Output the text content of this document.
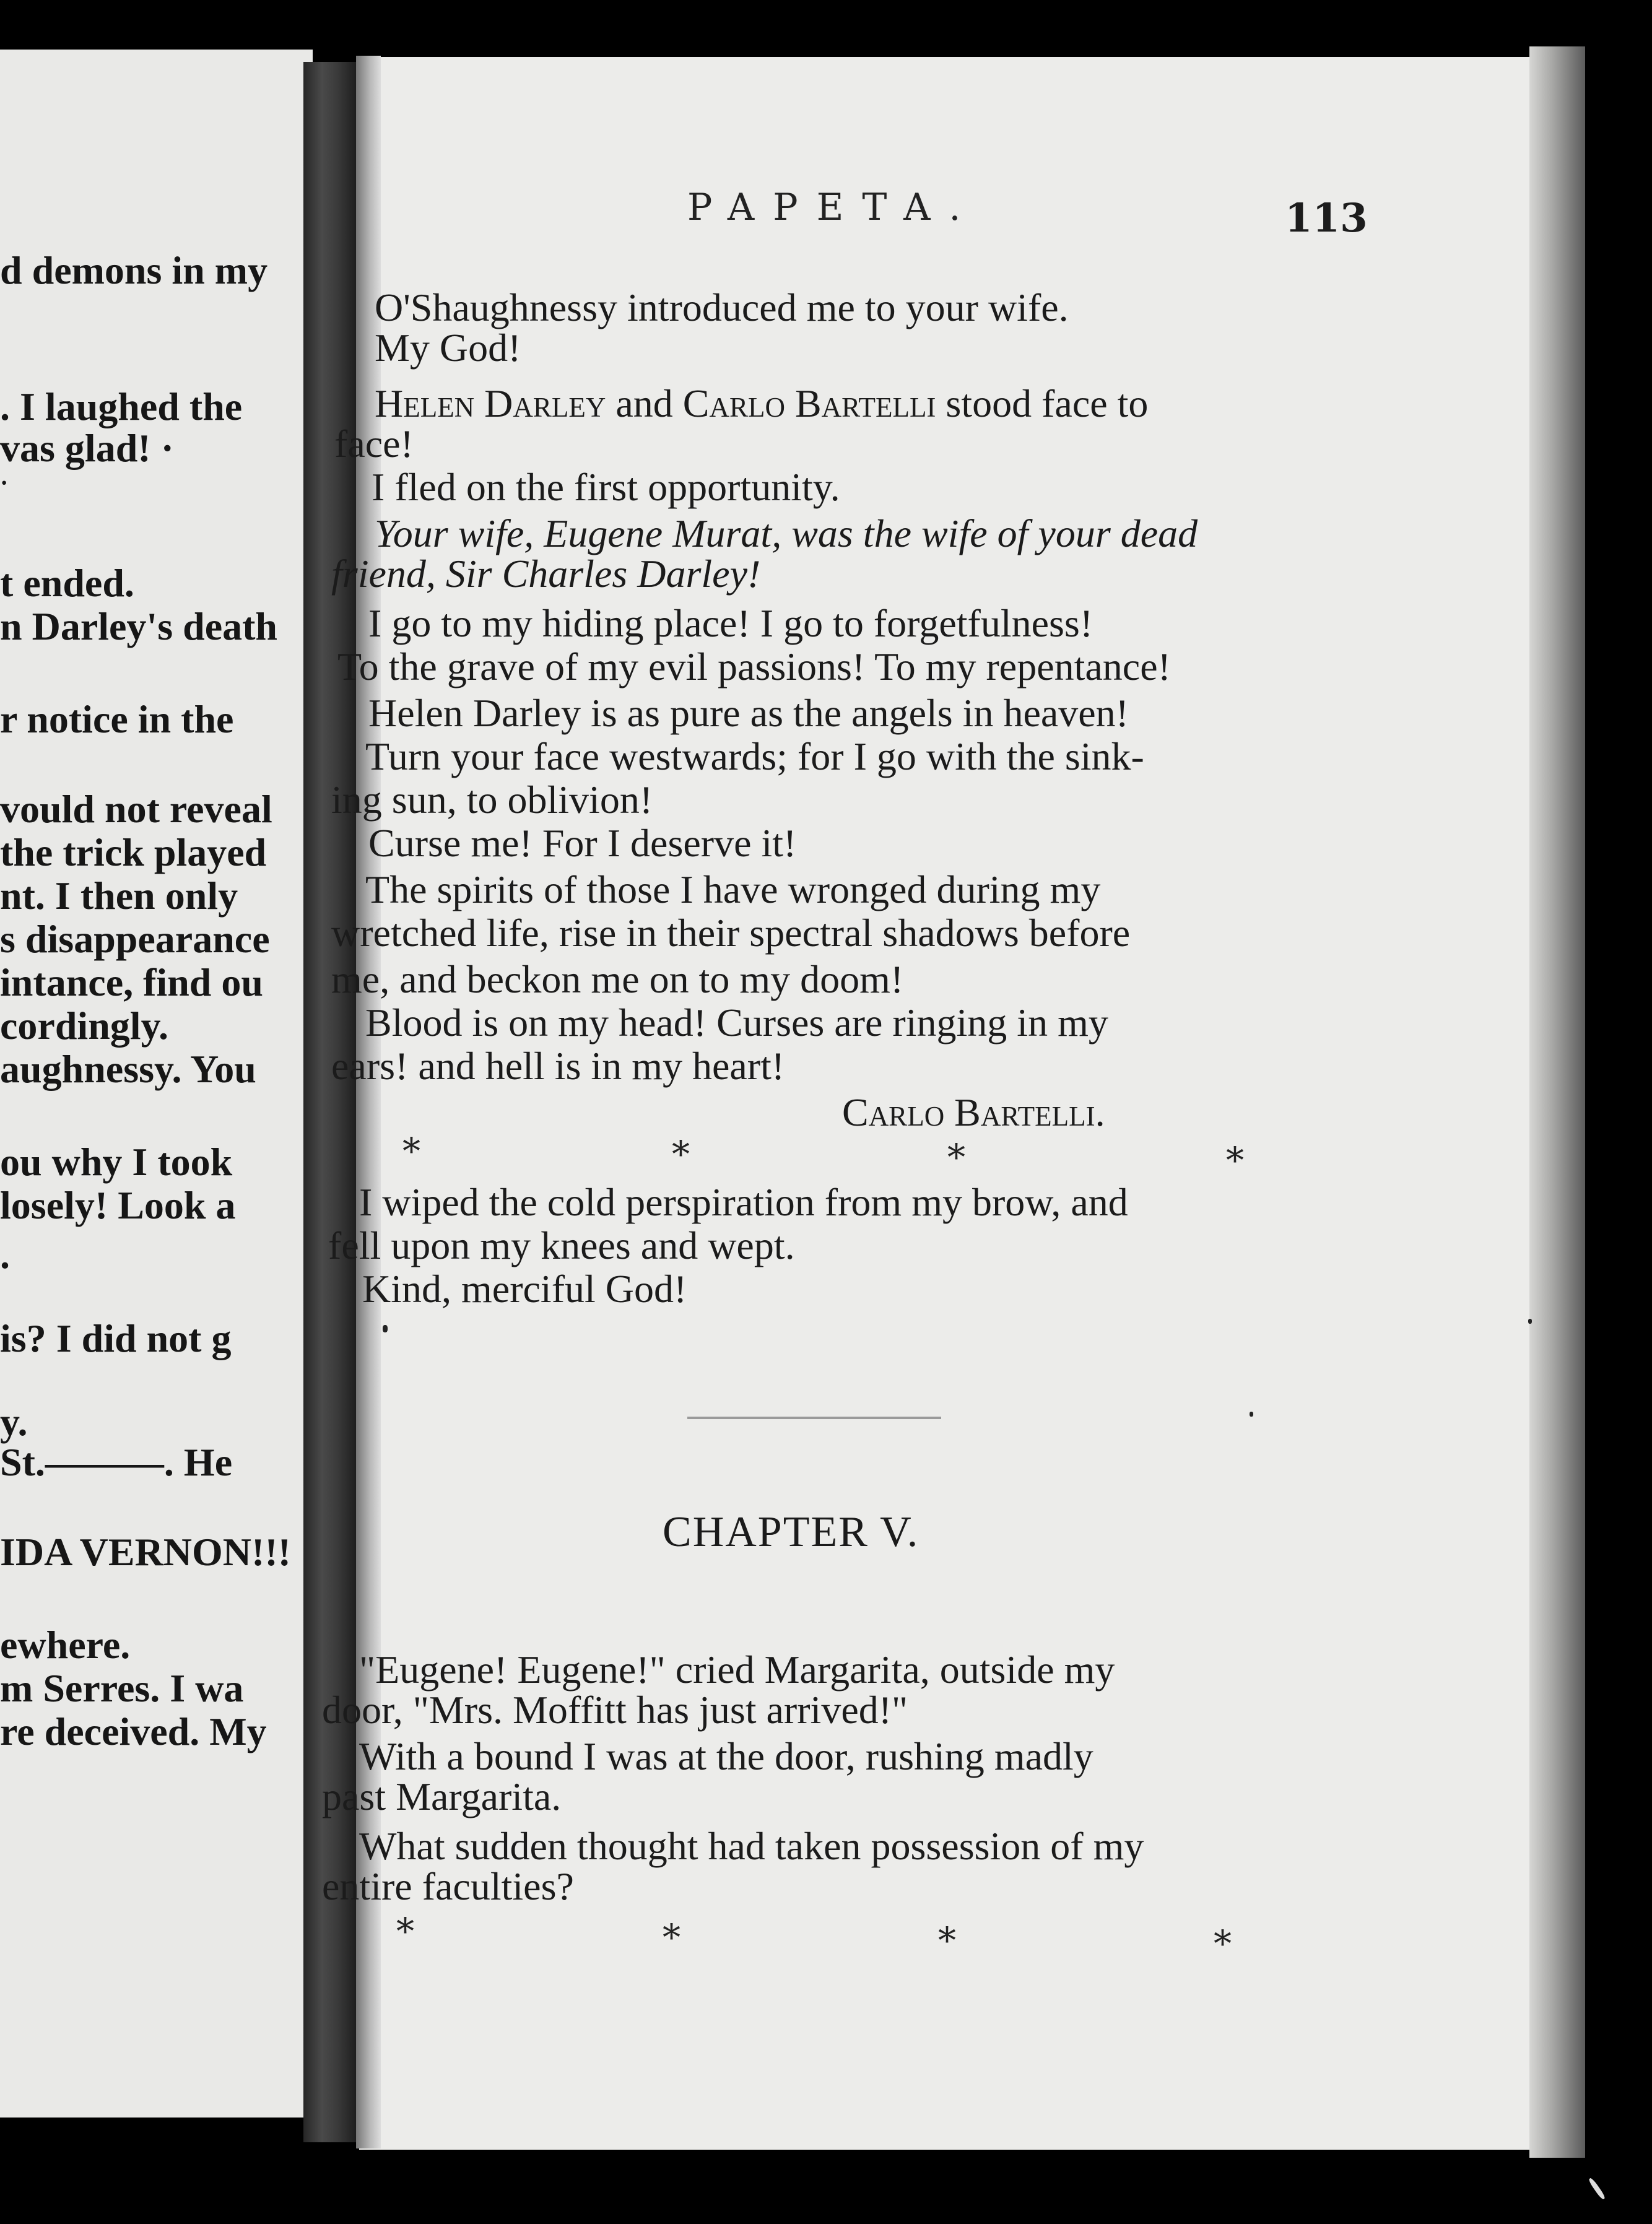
d demons in my
. I laughed the
vas glad! ·
·
t ended.
n Darley's death
r notice in the
vould not reveal
the trick played
nt. I then only
s disappearance
intance, find ou
cordingly.
aughnessy. You
ou why I took
losely! Look a
.
is? I did not g
y.
St.———. He
IDA VERNON!!!
ewhere.
m Serres. I wa
re deceived. My
PAPETA.	113
O'Shaughnessy introduced me to your wife.
My God!
Helen Darley and Carlo Bartelli stood face to
face!
I fled on the first opportunity.
Your wife, Eugene Murat, was the wife of your dead
friend, Sir Charles Darley!
I go to my hiding place! I go to forgetfulness!
To the grave of my evil passions! To my repentance!
Helen Darley is as pure as the angels in heaven!
Turn your face westwards; for I go with the sink-
ing sun, to oblivion!
Curse me! For I deserve it!
The spirits of those I have wronged during my
wretched life, rise in their spectral shadows before
me, and beckon me on to my doom!
Blood is on my head! Curses are ringing in my
ears! and hell is in my heart!
Carlo Bartelli.
*	*	*	*
I wiped the cold perspiration from my brow, and
fell upon my knees and wept.
Kind, merciful God!
CHAPTER V.
"Eugene! Eugene!" cried Margarita, outside my
door, "Mrs. Moffitt has just arrived!"
With a bound I was at the door, rushing madly
past Margarita.
What sudden thought had taken possession of my
entire faculties?
*	*	*	*
